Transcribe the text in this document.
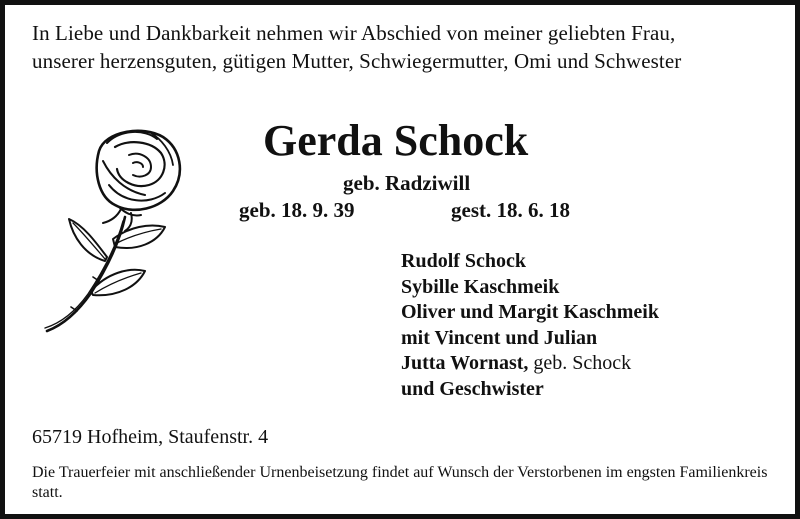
In Liebe und Dankbarkeit nehmen wir Abschied von meiner geliebten Frau,
unserer herzensguten, gütigen Mutter, Schwiegermutter, Omi und Schwester
Gerda Schock
geb. Radziwill
geb. 18. 9. 39	gest. 18. 6. 18
Rudolf Schock
Sybille Kaschmeik
Oliver und Margit Kaschmeik
mit Vincent und Julian
Jutta Wornast, geb. Schock
und Geschwister
65719 Hofheim, Staufenstr. 4
Die Trauerfeier mit anschließender Urnenbeisetzung findet auf Wunsch der Verstorbenen im engsten Familienkreis statt.
